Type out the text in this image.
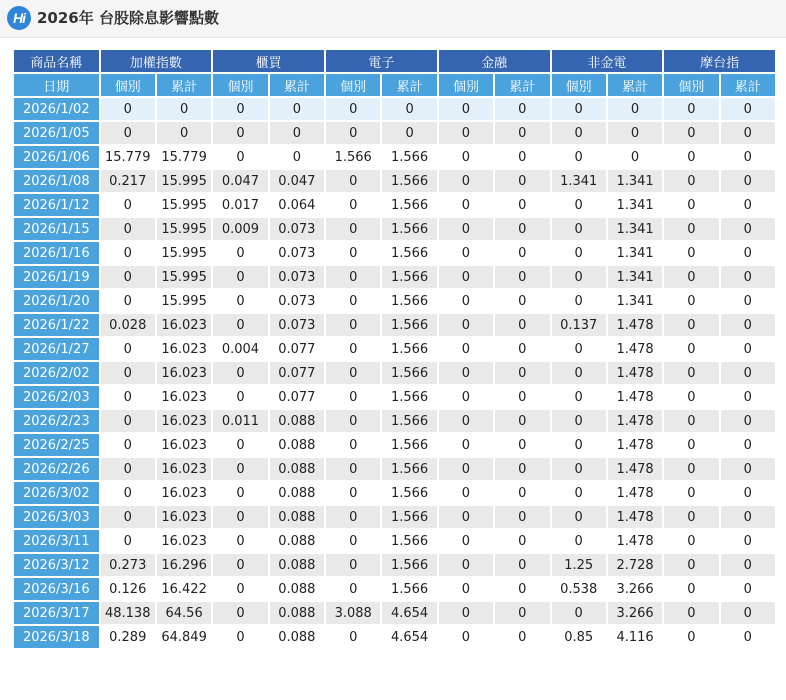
Hi 2026年 台股除息影響點數
商品名稱	加權指數		櫃買		電子		金融		非金電		摩台指	
日期	個別	累計	個別	累計	個別	累計	個別	累計	個別	累計	個別	累計
2026/1/02	0	0	0	0	0	0	0	0	0	0	0	0
2026/1/05	0	0	0	0	0	0	0	0	0	0	0	0
2026/1/06	15.779	15.779	0	0	1.566	1.566	0	0	0	0	0	0
2026/1/08	0.217	15.995	0.047	0.047	0	1.566	0	0	1.341	1.341	0	0
2026/1/12	0	15.995	0.017	0.064	0	1.566	0	0	0	1.341	0	0
2026/1/15	0	15.995	0.009	0.073	0	1.566	0	0	0	1.341	0	0
2026/1/16	0	15.995	0	0.073	0	1.566	0	0	0	1.341	0	0
2026/1/19	0	15.995	0	0.073	0	1.566	0	0	0	1.341	0	0
2026/1/20	0	15.995	0	0.073	0	1.566	0	0	0	1.341	0	0
2026/1/22	0.028	16.023	0	0.073	0	1.566	0	0	0.137	1.478	0	0
2026/1/27	0	16.023	0.004	0.077	0	1.566	0	0	0	1.478	0	0
2026/2/02	0	16.023	0	0.077	0	1.566	0	0	0	1.478	0	0
2026/2/03	0	16.023	0	0.077	0	1.566	0	0	0	1.478	0	0
2026/2/23	0	16.023	0.011	0.088	0	1.566	0	0	0	1.478	0	0
2026/2/25	0	16.023	0	0.088	0	1.566	0	0	0	1.478	0	0
2026/2/26	0	16.023	0	0.088	0	1.566	0	0	0	1.478	0	0
2026/3/02	0	16.023	0	0.088	0	1.566	0	0	0	1.478	0	0
2026/3/03	0	16.023	0	0.088	0	1.566	0	0	0	1.478	0	0
2026/3/11	0	16.023	0	0.088	0	1.566	0	0	0	1.478	0	0
2026/3/12	0.273	16.296	0	0.088	0	1.566	0	0	1.25	2.728	0	0
2026/3/16	0.126	16.422	0	0.088	0	1.566	0	0	0.538	3.266	0	0
2026/3/17	48.138	64.56	0	0.088	3.088	4.654	0	0	0	3.266	0	0
2026/3/18	0.289	64.849	0	0.088	0	4.654	0	0	0.85	4.116	0	0
